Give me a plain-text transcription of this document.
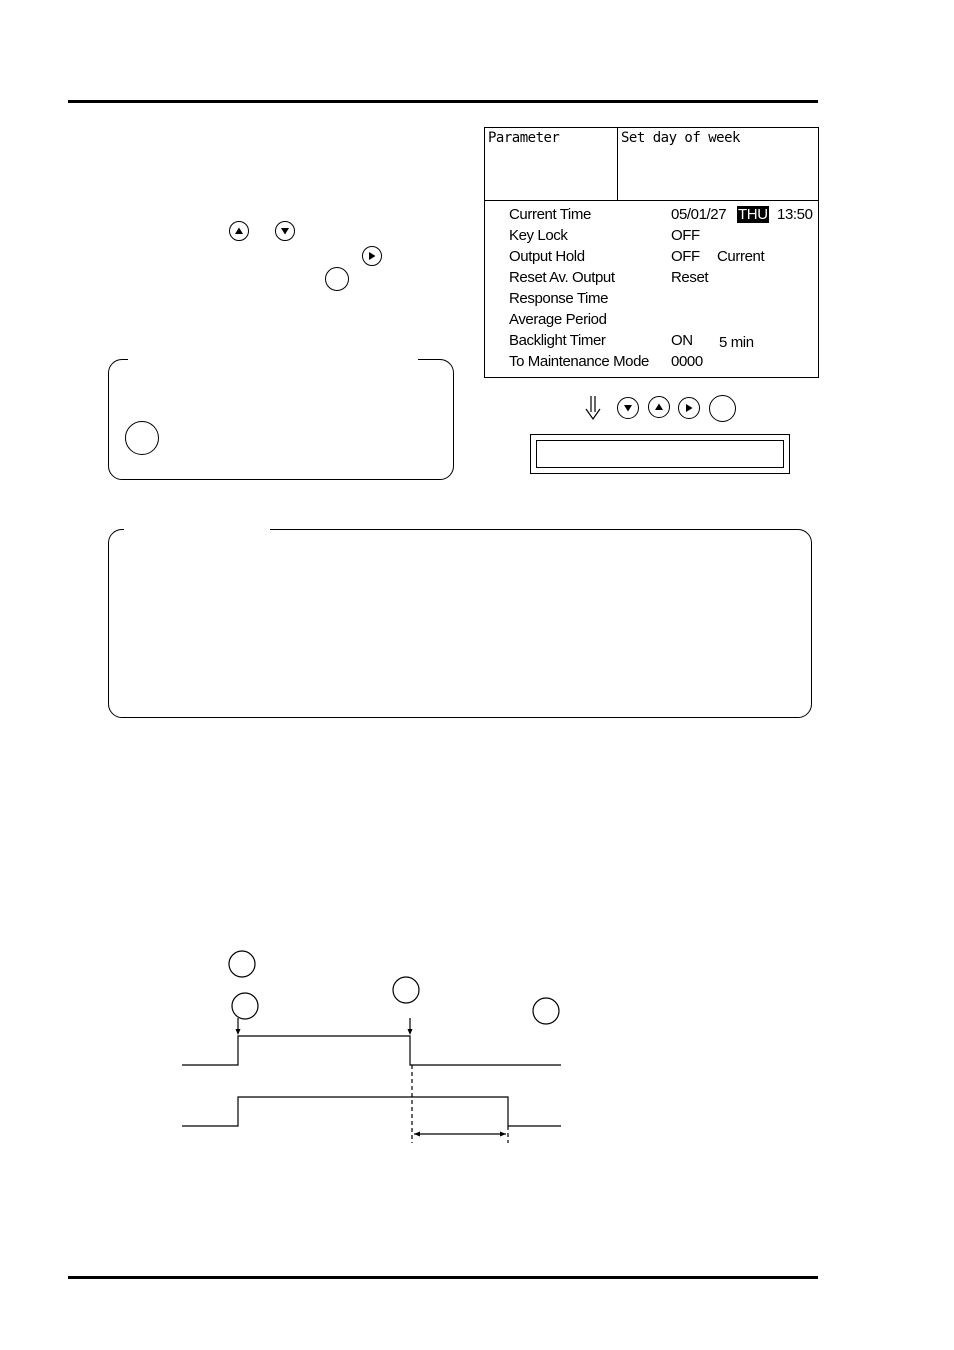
Parameter	Set day of week
Current Time
Key Lock
Output Hold
Reset Av. Output
Response Time
Average Period
Backlight Timer
To Maintenance Mode
05/01/27 THU 13:50
OFF
OFF Current
Reset
ON 5 min
0000
